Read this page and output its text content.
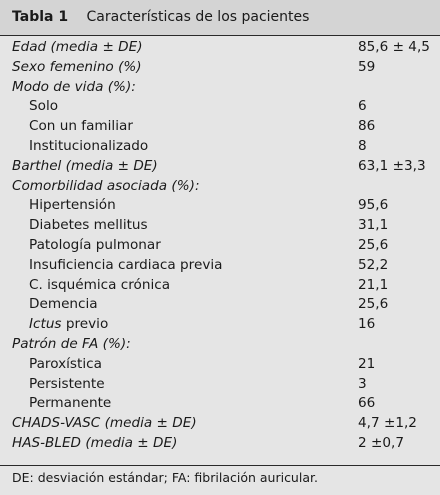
Tabla 1 Características de los pacientes
Edad (media ± DE)	85,6 ± 4,5
Sexo femenino (%)	59
Modo de vida (%):
Solo	6
Con un familiar	86
Institucionalizado	8
Barthel (media ± DE)	63,1 ±3,3
Comorbilidad asociada (%):
Hipertensión	95,6
Diabetes mellitus	31,1
Patología pulmonar	25,6
Insuficiencia cardiaca previa	52,2
C. isquémica crónica	21,1
Demencia	25,6
Ictus previo	16
Patrón de FA (%):
Paroxística	21
Persistente	3
Permanente	66
CHADS-VASC (media ± DE)	4,7 ±1,2
HAS-BLED (media ± DE)	2 ±0,7
DE: desviación estándar; FA: fibrilación auricular.
